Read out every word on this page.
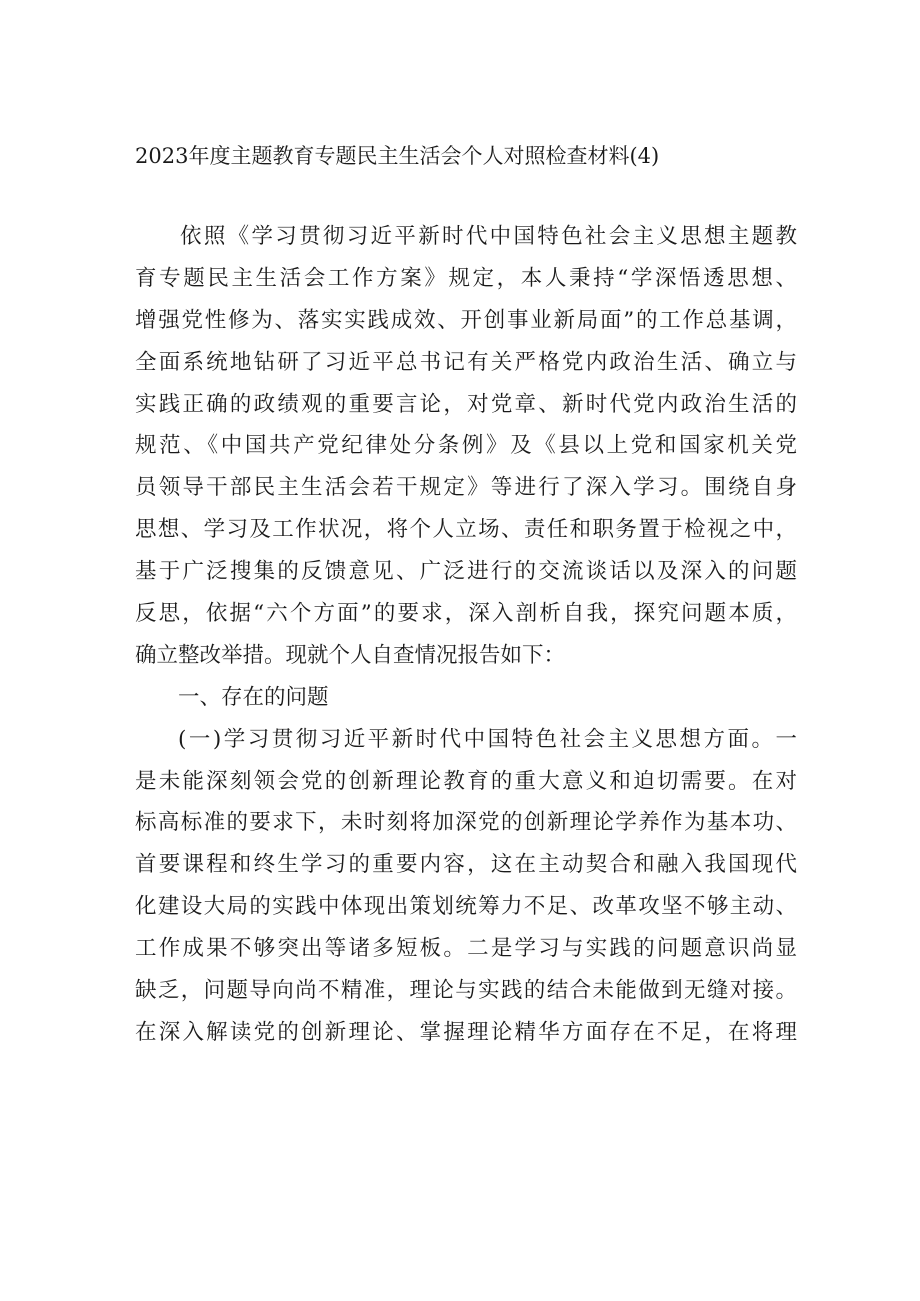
2023年度主题教育专题民主生活会个人对照检查材料(4)
依照《学习贯彻习近平新时代中国特色社会主义思想主题教
育专题民主生活会工作方案》规定，本人秉持“学深悟透思想、
增强党性修为、落实实践成效、开创事业新局面”的工作总基调，
全面系统地钻研了习近平总书记有关严格党内政治生活、确立与
实践正确的政绩观的重要言论，对党章、新时代党内政治生活的
规范、《中国共产党纪律处分条例》及《县以上党和国家机关党
员领导干部民主生活会若干规定》等进行了深入学习。围绕自身
思想、学习及工作状况，将个人立场、责任和职务置于检视之中，
基于广泛搜集的反馈意见、广泛进行的交流谈话以及深入的问题
反思，依据“六个方面”的要求，深入剖析自我，探究问题本质，
确立整改举措。现就个人自查情况报告如下：
一、存在的问题
(一)学习贯彻习近平新时代中国特色社会主义思想方面。一
是未能深刻领会党的创新理论教育的重大意义和迫切需要。在对
标高标准的要求下，未时刻将加深党的创新理论学养作为基本功、
首要课程和终生学习的重要内容，这在主动契合和融入我国现代
化建设大局的实践中体现出策划统筹力不足、改革攻坚不够主动、
工作成果不够突出等诸多短板。二是学习与实践的问题意识尚显
缺乏，问题导向尚不精准，理论与实践的结合未能做到无缝对接。
在深入解读党的创新理论、掌握理论精华方面存在不足，在将理
